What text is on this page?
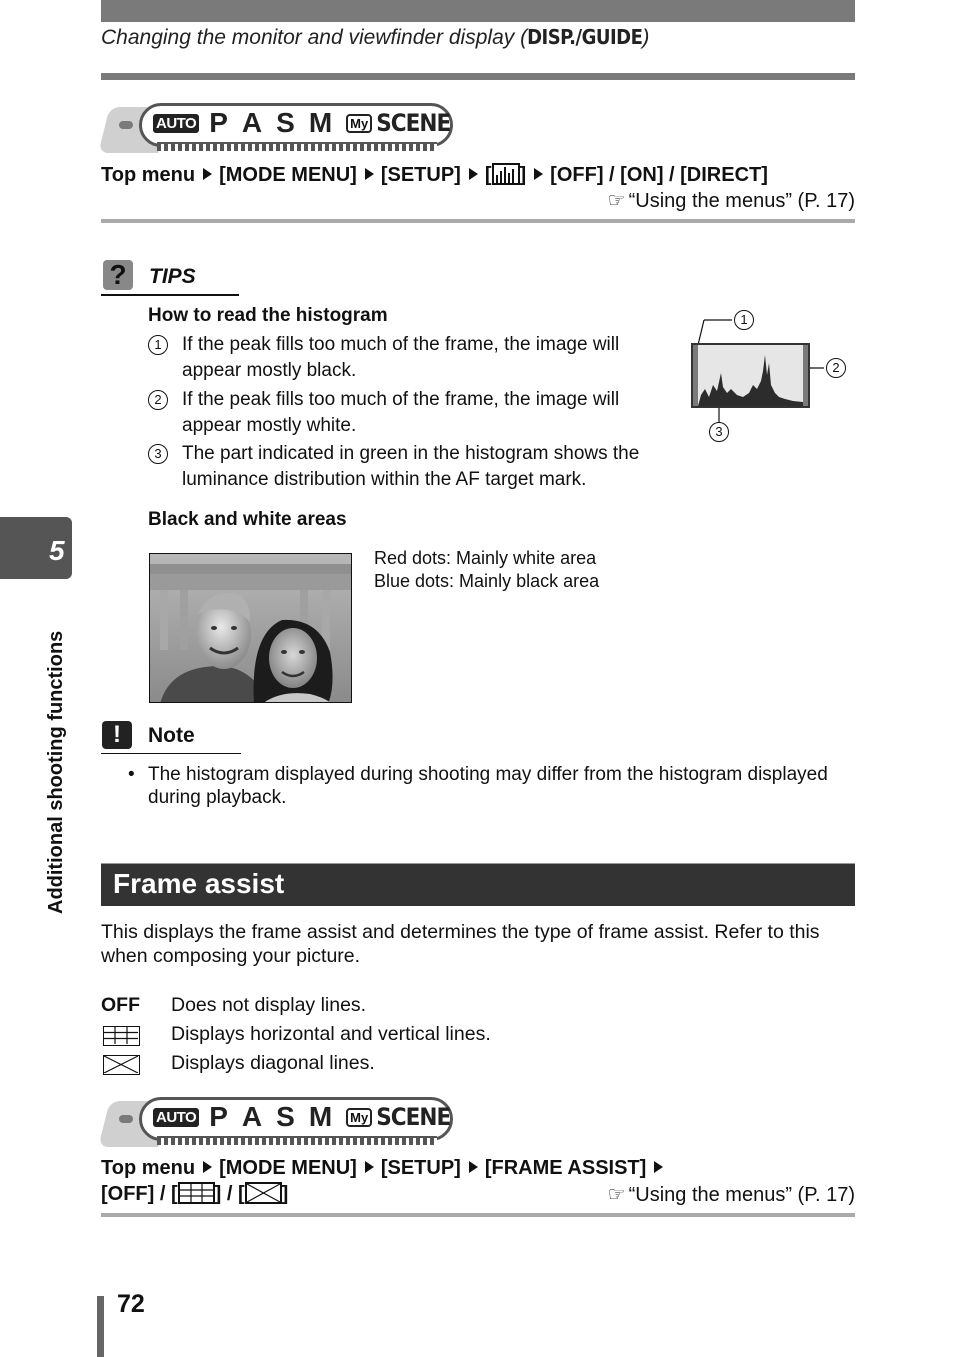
Changing the monitor and viewfinder display (DISP./GUIDE)
AUTO P A S M	My SCENE
Top menu [MODE MENU] [SETUP] [ ] [OFF] / [ON] / [DIRECT]
☞ “Using the menus” (P. 17)
?	TIPS
How to read the histogram
1	If the peak fills too much of the frame, the image will appear mostly black.
2	If the peak fills too much of the frame, the image will appear mostly white.
3	The part indicated in green in the histogram shows the luminance distribution within the AF target mark.
1
2
3
Black and white areas
Red dots: Mainly white area
Blue dots: Mainly black area
!	Note
• The histogram displayed during shooting may differ from the histogram displayed during playback.
Frame assist
This displays the frame assist and determines the type of frame assist. Refer to this when composing your picture.
OFF Does not display lines.
Displays horizontal and vertical lines.
Displays diagonal lines.
AUTO P A S M	My SCENE
Top menu [MODE MENU] [SETUP] [FRAME ASSIST]
[OFF] / [ ] / [ ]	☞ “Using the menus” (P. 17)
5
Additional shooting functions
72
